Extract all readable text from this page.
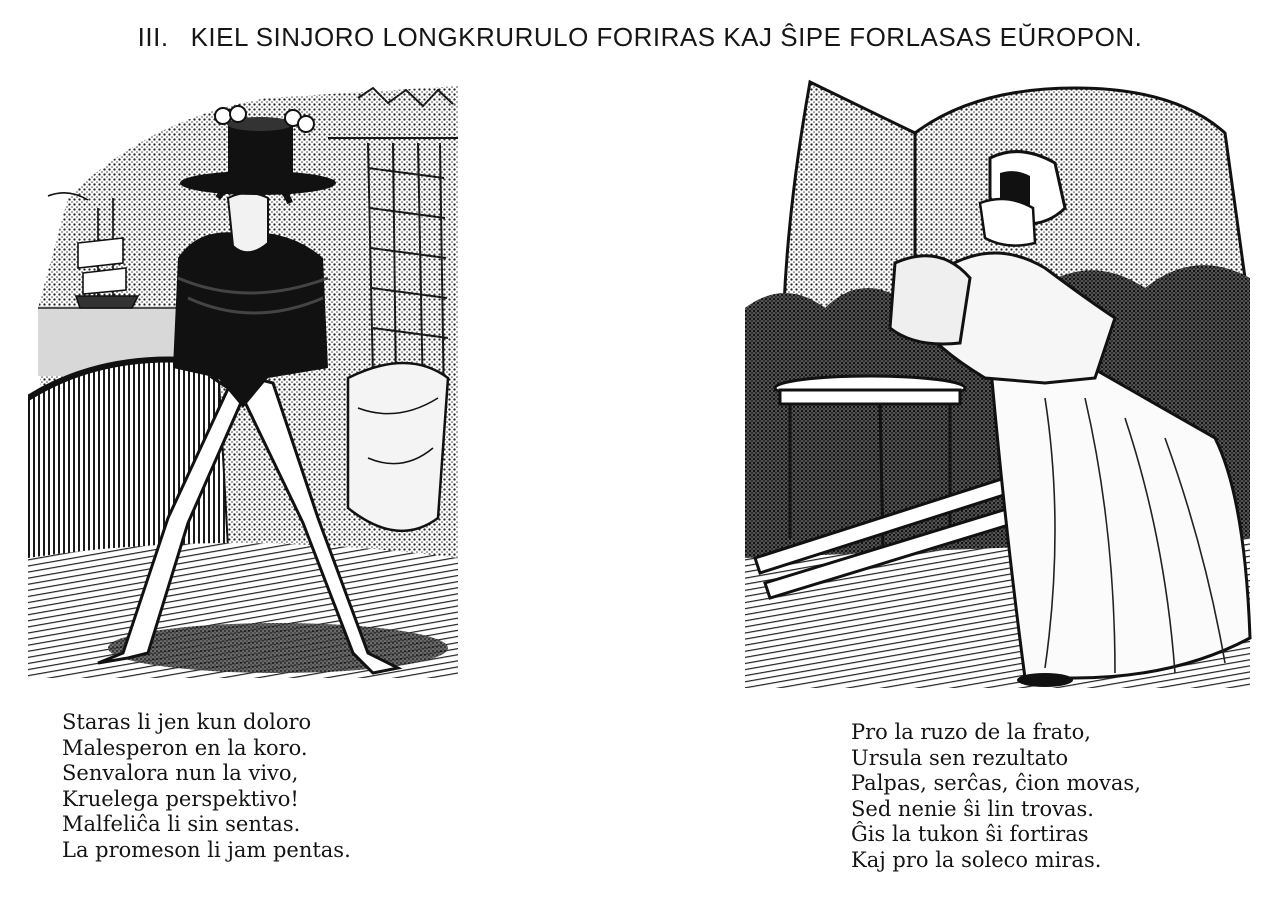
III. KIEL SINJORO LONGKRURULO FORIRAS KAJ ŜIPE FORLASAS EŬROPON.
Staras li jen kun doloro
Malesperon en la koro.
Senvalora nun la vivo,
Kruelega perspektivo!
Malfeliĉa li sin sentas.
La promeson li jam pentas.
Pro la ruzo de la frato,
Ursula sen rezultato
Palpas, serĉas, ĉion movas,
Sed nenie ŝi lin trovas.
Ĝis la tukon ŝi fortiras
Kaj pro la soleco miras.
